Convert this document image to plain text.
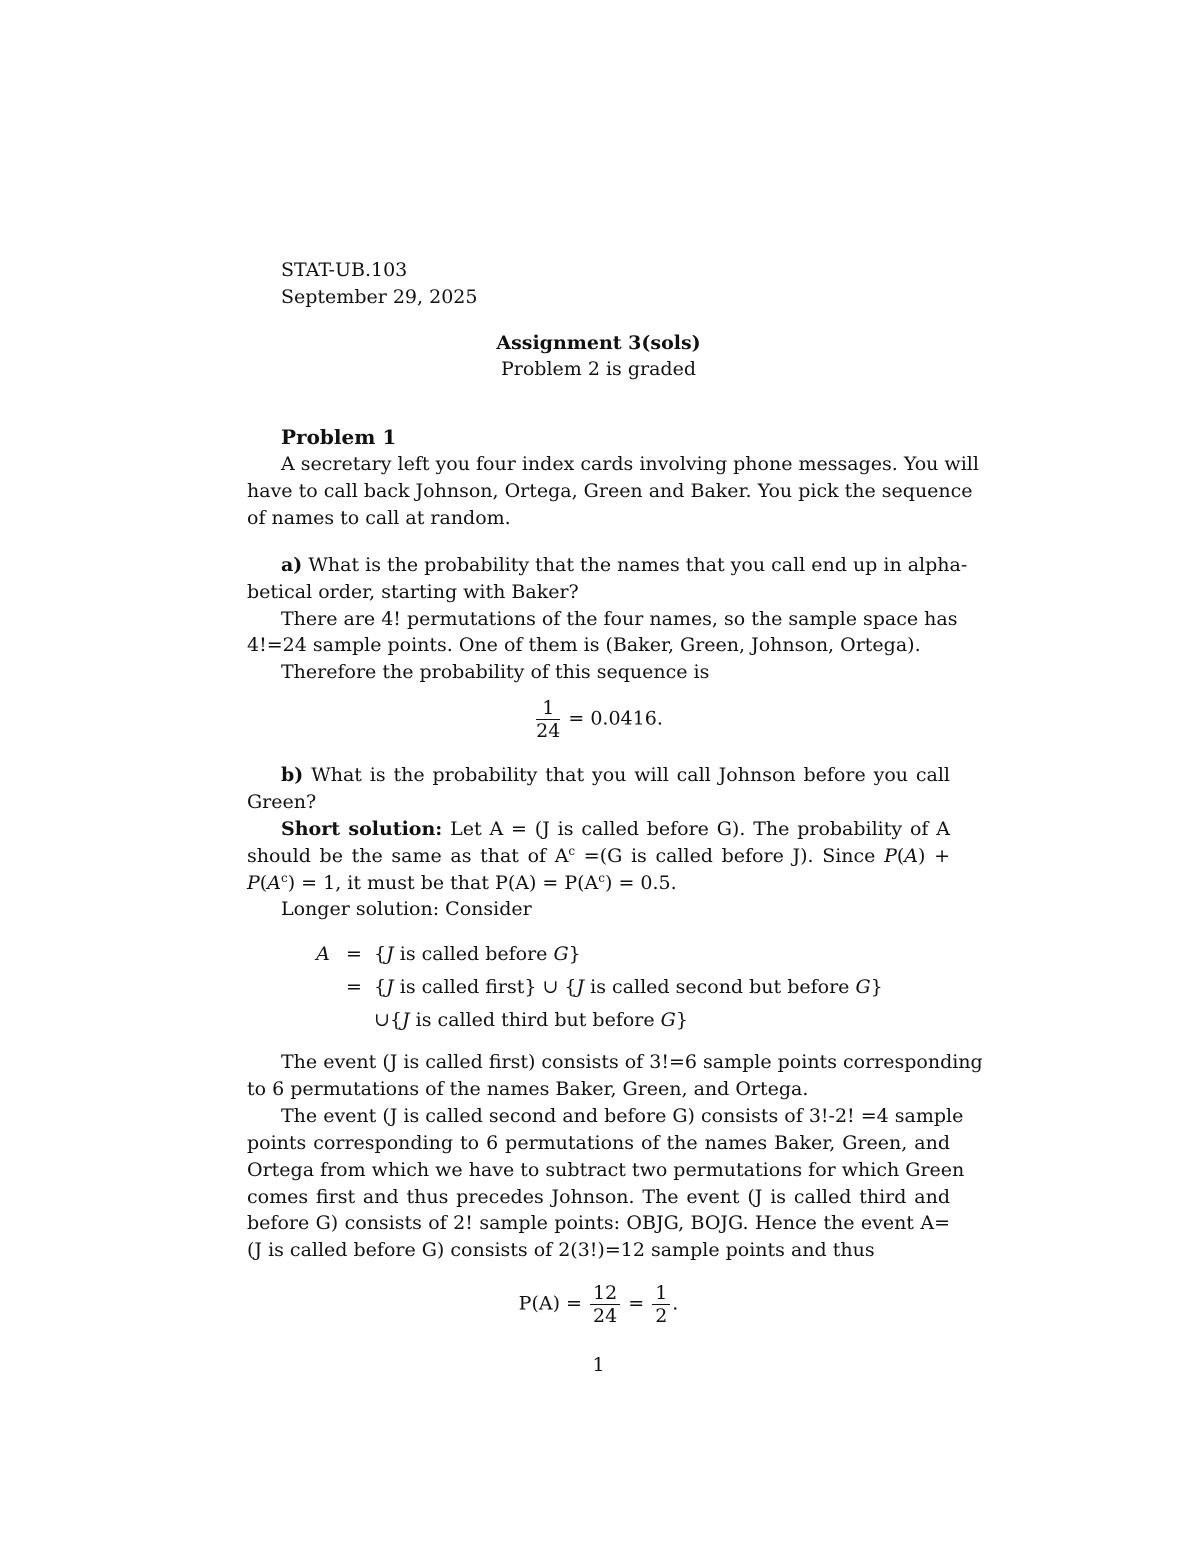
STAT-UB.103
September 29, 2025
Assignment 3(sols)
Problem 2 is graded
Problem 1
A secretary left you four index cards involving phone messages. You will
have to call back Johnson, Ortega, Green and Baker. You pick the sequence
of names to call at random.
a) What is the probability that the names that you call end up in alpha-
betical order, starting with Baker?
There are 4! permutations of the four names, so the sample space has
4!=24 sample points. One of them is (Baker, Green, Johnson, Ortega).
Therefore the probability of this sequence is
$\frac{1}{24} = 0.0416$.
b) What is the probability that you will call Johnson before you call
Green?
Short solution: Let A = (J is called before G). The probability of A
should be the same as that of $A^c =(G$ is called before J). Since P(A) +
$P(A^c) = 1$, it must be that $P(A) = P(A^c) = 0.5$.
Longer solution: Consider
A = {J is called before G}
= {J is called first} ∪ {J is called second but before G}
∪{J is called third but before G}
The event (J is called first) consists of 3!=6 sample points corresponding
to 6 permutations of the names Baker, Green, and Ortega.
The event (J is called second and before G) consists of 3!-2! =4 sample
points corresponding to 6 permutations of the names Baker, Green, and
Ortega from which we have to subtract two permutations for which Green
comes first and thus precedes Johnson. The event (J is called third and
before G) consists of 2! sample points: OBJG, BOJG. Hence the event A=
(J is called before G) consists of 2(3!)=12 sample points and thus
$P(A) = \frac{12}{24} = \frac{1}{2}$ .
1
